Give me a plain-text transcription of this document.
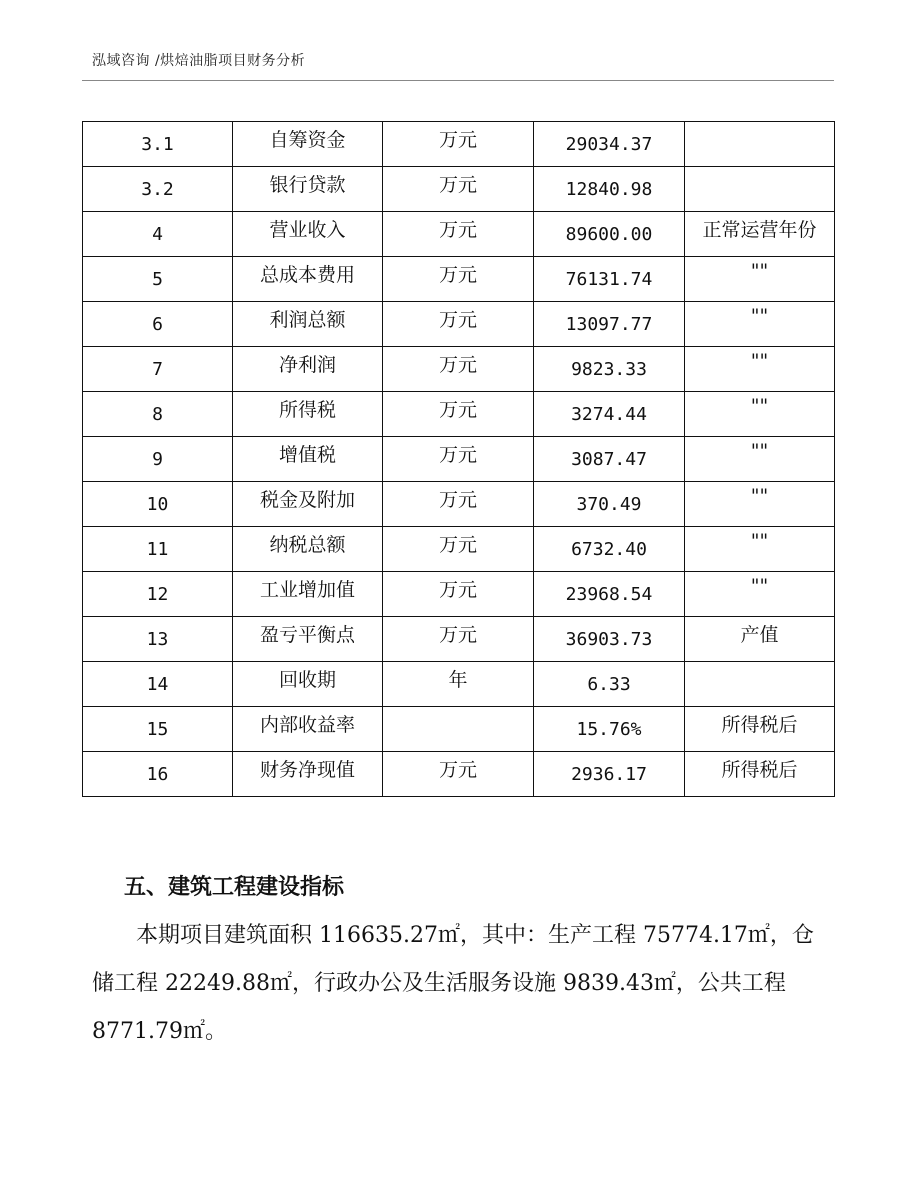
泓域咨询 /烘焙油脂项目财务分析
3.1	自筹资金	万元	29034.37	
3.2	银行贷款	万元	12840.98	
4	营业收入	万元	89600.00	正常运营年份
5	总成本费用	万元	76131.74	""
6	利润总额	万元	13097.77	""
7	净利润	万元	9823.33	""
8	所得税	万元	3274.44	""
9	增值税	万元	3087.47	""
10	税金及附加	万元	370.49	""
11	纳税总额	万元	6732.40	""
12	工业增加值	万元	23968.54	""
13	盈亏平衡点	万元	36903.73	产值
14	回收期	年	6.33	
15	内部收益率		15.76%	所得税后
16	财务净现值	万元	2936.17	所得税后
五、建筑工程建设指标
本期项目建筑面积 116635.27㎡，其中：生产工程 75774.17㎡，仓储工程 22249.88㎡，行政办公及生活服务设施 9839.43㎡，公共工程 8771.79㎡。
